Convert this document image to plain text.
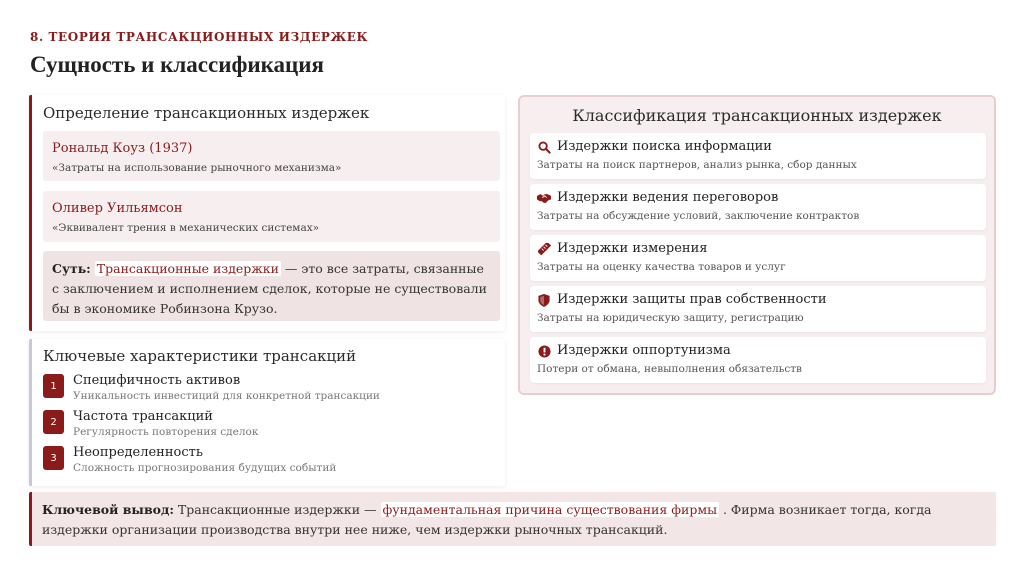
8. ТЕОРИЯ ТРАНСАКЦИОННЫХ ИЗДЕРЖЕК
Сущность и классификация
Определение трансакционных издержек
Рональд Коуз (1937)
«Затраты на использование рыночного механизма»
Оливер Уильямсон
«Эквивалент трения в механических системах»
Суть: Трансакционные издержки — это все затраты, связанные с заключением и исполнением сделок, которые не существовали бы в экономике Робинзона Крузо.
Ключевые характеристики трансакций
1	Специфичность активов
Уникальность инвестиций для конкретной трансакции
2	Частота трансакций
Регулярность повторения сделок
3	Неопределенность
Сложность прогнозирования будущих событий
Классификация трансакционных издержек
Издержки поиска информации
Затраты на поиск партнеров, анализ рынка, сбор данных
Издержки ведения переговоров
Затраты на обсуждение условий, заключение контрактов
Издержки измерения
Затраты на оценку качества товаров и услуг
Издержки защиты прав собственности
Затраты на юридическую защиту, регистрацию
Издержки оппортунизма
Потери от обмана, невыполнения обязательств
Ключевой вывод: Трансакционные издержки — фундаментальная причина существования фирмы . Фирма возникает тогда, когда издержки организации производства внутри нее ниже, чем издержки рыночных трансакций.
